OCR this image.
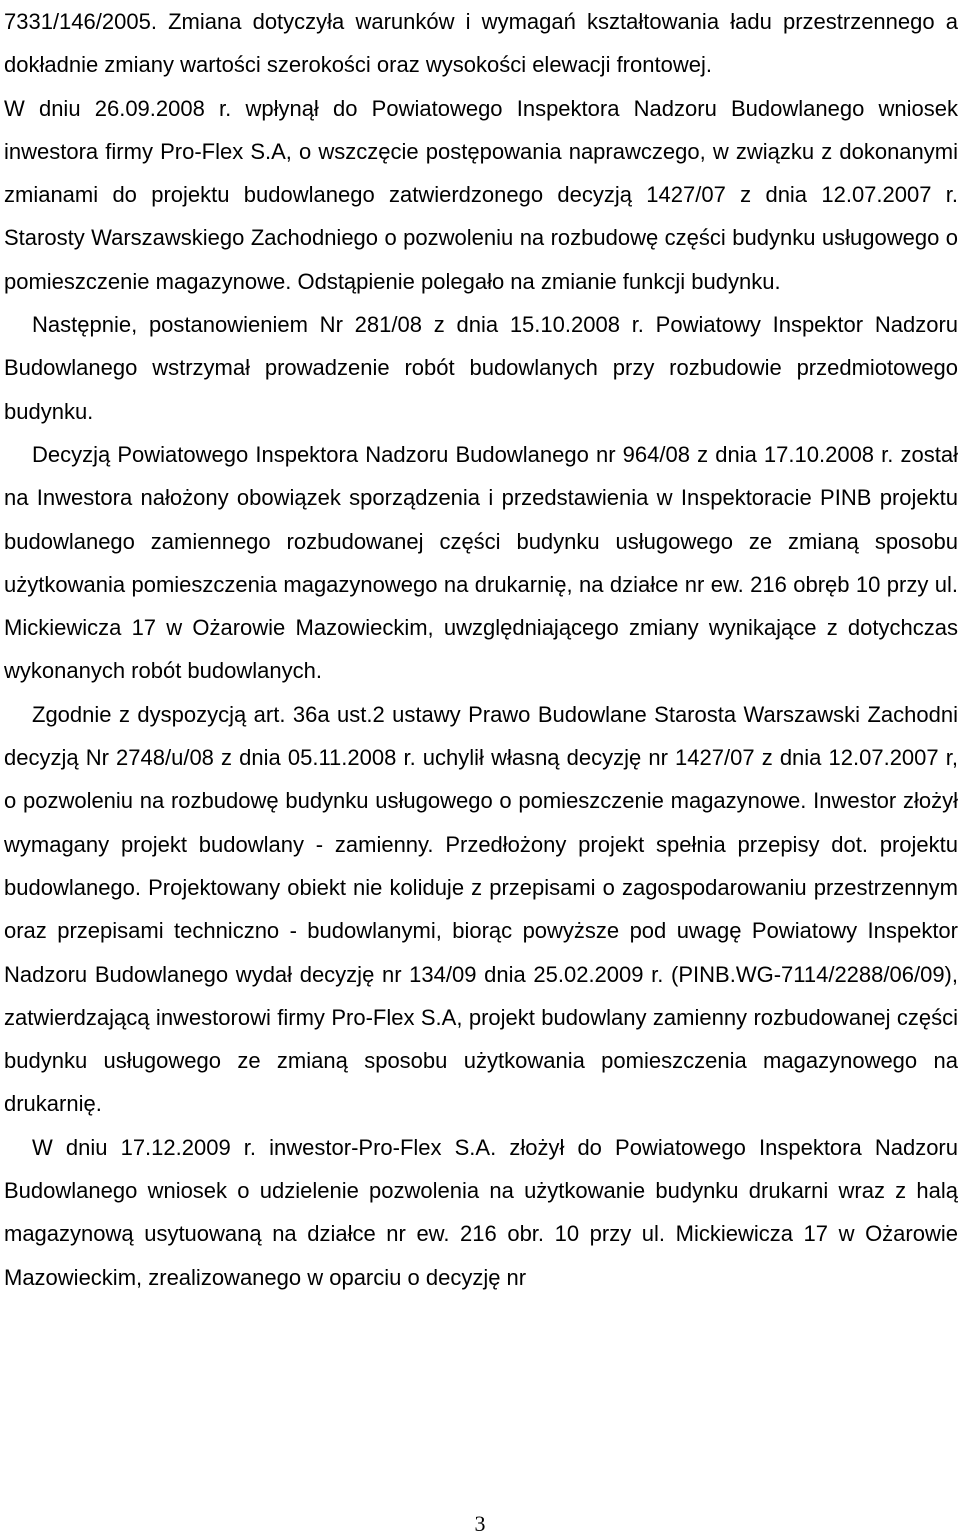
7331/146/2005. Zmiana dotyczyła warunków i wymagań kształtowania ładu przestrzennego a dokładnie zmiany wartości szerokości oraz wysokości elewacji frontowej.

W dniu 26.09.2008 r. wpłynął do Powiatowego Inspektora Nadzoru Budowlanego wniosek inwestora firmy Pro-Flex S.A, o wszczęcie postępowania naprawczego, w związku z dokonanymi zmianami do projektu budowlanego zatwierdzonego decyzją 1427/07 z dnia 12.07.2007 r. Starosty Warszawskiego Zachodniego o pozwoleniu na rozbudowę części budynku usługowego o pomieszczenie magazynowe. Odstąpienie polegało na zmianie funkcji budynku.

Następnie, postanowieniem Nr 281/08 z dnia 15.10.2008 r. Powiatowy Inspektor Nadzoru Budowlanego wstrzymał prowadzenie robót budowlanych przy rozbudowie przedmiotowego budynku.

Decyzją Powiatowego Inspektora Nadzoru Budowlanego nr 964/08 z dnia 17.10.2008 r. został na Inwestora nałożony obowiązek sporządzenia i przedstawienia w Inspektoracie PINB projektu budowlanego zamiennego rozbudowanej części budynku usługowego ze zmianą sposobu użytkowania pomieszczenia magazynowego na drukarnię, na działce nr ew. 216 obręb 10 przy ul. Mickiewicza 17 w Ożarowie Mazowieckim, uwzględniającego zmiany wynikające z dotychczas wykonanych robót budowlanych.

Zgodnie z dyspozycją art. 36a ust.2 ustawy Prawo Budowlane Starosta Warszawski Zachodni decyzją Nr 2748/u/08 z dnia 05.11.2008 r. uchylił własną decyzję nr 1427/07 z dnia 12.07.2007 r, o pozwoleniu na rozbudowę budynku usługowego o pomieszczenie magazynowe. Inwestor złożył wymagany projekt budowlany - zamienny. Przedłożony projekt spełnia przepisy dot. projektu budowlanego. Projektowany obiekt nie koliduje z przepisami o zagospodarowaniu przestrzennym oraz przepisami techniczno - budowlanymi, biorąc powyższe pod uwagę Powiatowy Inspektor Nadzoru Budowlanego wydał decyzję nr 134/09 dnia 25.02.2009 r. (PINB.WG-7114/2288/06/09), zatwierdzającą inwestorowi firmy Pro-Flex S.A, projekt budowlany zamienny rozbudowanej części budynku usługowego ze zmianą sposobu użytkowania pomieszczenia magazynowego na drukarnię.

W dniu 17.12.2009 r. inwestor-Pro-Flex S.A. złożył do Powiatowego Inspektora Nadzoru Budowlanego wniosek o udzielenie pozwolenia na użytkowanie budynku drukarni wraz z halą magazynową usytuowaną na działce nr ew. 216 obr. 10 przy ul. Mickiewicza 17 w Ożarowie Mazowieckim, zrealizowanego w oparciu o decyzję nr

3
